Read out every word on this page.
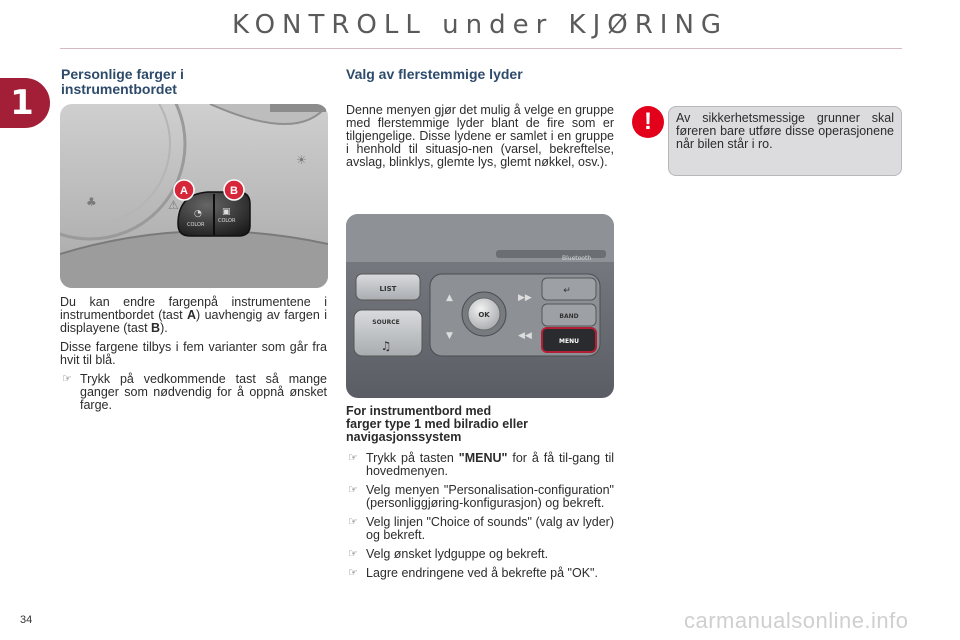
KONTROLL under KJØRING
1
Personlige farger i
instrumentbordet
⚠
♣
☀
◔ ▣
COLOR
COLOR
A	B

Du kan endre fargenpå instrumentene i instrumentbordet (tast A) uavhengig av fargen i displayene (tast B).

Disse fargene tilbys i fem varianter som går fra hvit til blå.

☞ Trykk på vedkommende tast så mange ganger som nødvendig for å oppnå ønsket farge.
Valg av flerstemmige lyder
Denne menyen gjør det mulig å velge en gruppe med flerstemmige lyder blant de fire som er tilgjengelige. Disse lydene er samlet i en gruppe i henhold til situasjo-nen (varsel, bekreftelse, avslag, blinklys, glemte lys, glemt nøkkel, osv.).
Bluetooth
LIST
SOURCE
♫
OK
▲
▼
▶▶
◀◀
↵
BAND
MENU
For instrumentbord med
farger type 1 med bilradio eller
navigasjonssystem
☞ Trykk på tasten "MENU" for å få til-gang til hovedmenyen.
☞ Velg menyen "Personalisation-configuration" (personliggjøring-konfigurasjon) og bekreft.
☞ Velg linjen "Choice of sounds" (valg av lyder) og bekreft.
☞ Velg ønsket lydguppe og bekreft.
☞ Lagre endringene ved å bekrefte på "OK".
!	Av sikkerhetsmessige grunner skal føreren bare utføre disse operasjonene når bilen står i ro.
34	carmanualsonline.info
